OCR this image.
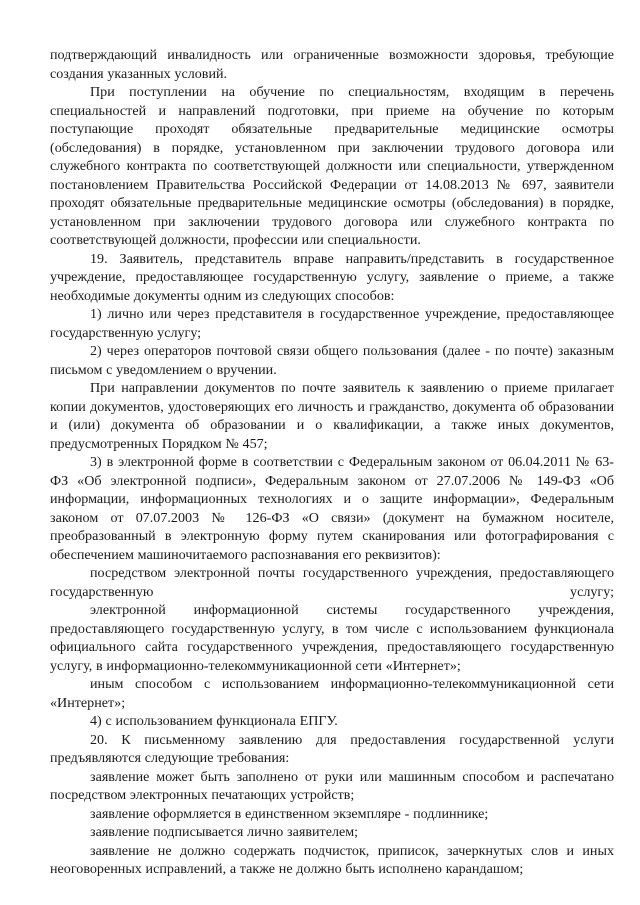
подтверждающий инвалидность или ограниченные возможности здоровья, требующие создания указанных условий.

При поступлении на обучение по специальностям, входящим в перечень специальностей и направлений подготовки, при приеме на обучение по которым поступающие проходят обязательные предварительные медицинские осмотры (обследования) в порядке, установленном при заключении трудового договора или служебного контракта по соответствующей должности или специальности, утвержденном постановлением Правительства Российской Федерации от 14.08.2013 № 697, заявители проходят обязательные предварительные медицинские осмотры (обследования) в порядке, установленном при заключении трудового договора или служебного контракта по соответствующей должности, профессии или специальности.

19. Заявитель, представитель вправе направить/представить в государственное учреждение, предоставляющее государственную услугу, заявление о приеме, а также необходимые документы одним из следующих способов:

1) лично или через представителя в государственное учреждение, предоставляющее государственную услугу;

2) через операторов почтовой связи общего пользования (далее - по почте) заказным письмом с уведомлением о вручении.

При направлении документов по почте заявитель к заявлению о приеме прилагает копии документов, удостоверяющих его личность и гражданство, документа об образовании и (или) документа об образовании и о квалификации, а также иных документов, предусмотренных Порядком № 457;

3) в электронной форме в соответствии с Федеральным законом от 06.04.2011 № 63-ФЗ «Об электронной подписи», Федеральным законом от 27.07.2006 № 149-ФЗ «Об информации, информационных технологиях и о защите информации», Федеральным законом от 07.07.2003 № 126-ФЗ «О связи» (документ на бумажном носителе, преобразованный в электронную форму путем сканирования или фотографирования с обеспечением машиночитаемого распознавания его реквизитов):

посредством электронной почты государственного учреждения, предоставляющего государственную услугу;

электронной информационной системы государственного учреждения, предоставляющего государственную услугу, в том числе с использованием функционала официального сайта государственного учреждения, предоставляющего государственную услугу, в информационно-телекоммуникационной сети «Интернет»;

иным способом с использованием информационно-телекоммуникационной сети «Интернет»;

4) с использованием функционала ЕПГУ.

20. К письменному заявлению для предоставления государственной услуги предъявляются следующие требования:

заявление может быть заполнено от руки или машинным способом и распечатано посредством электронных печатающих устройств;

заявление оформляется в единственном экземпляре - подлиннике;

заявление подписывается лично заявителем;

заявление не должно содержать подчисток, приписок, зачеркнутых слов и иных неоговоренных исправлений, а также не должно быть исполнено карандашом;
